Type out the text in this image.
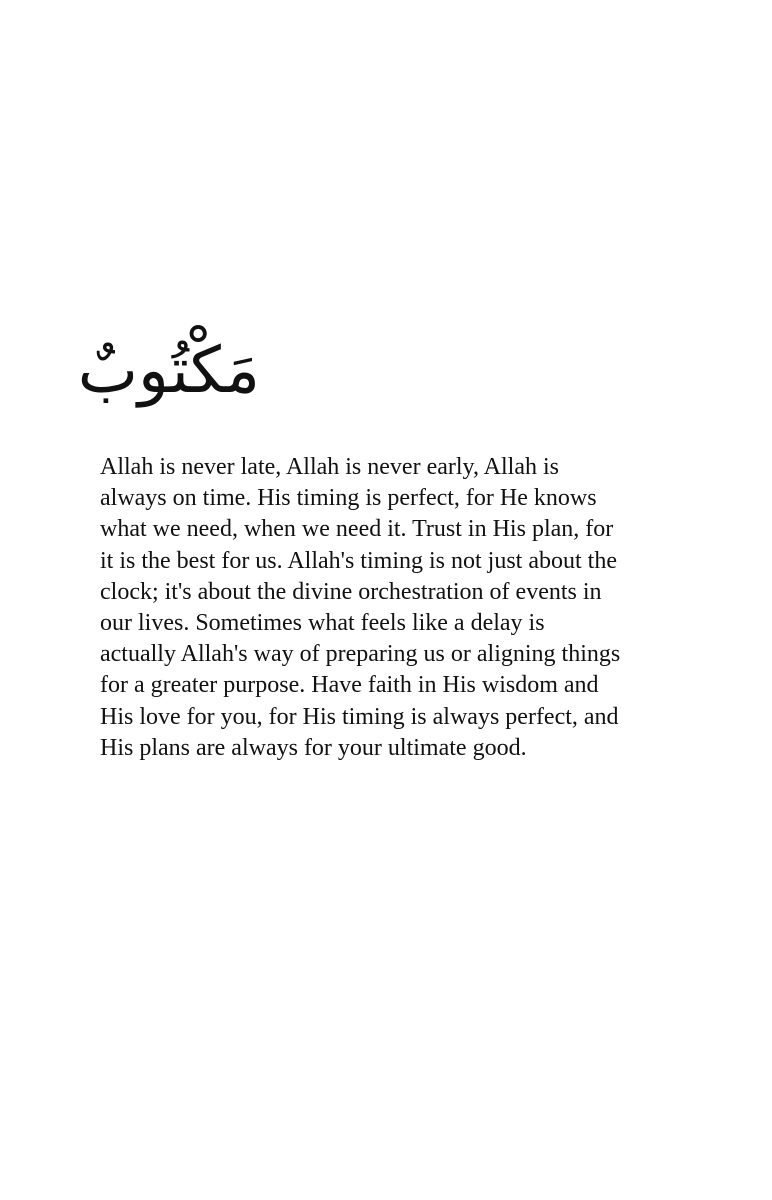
مَكْتُوبٌ
Allah is never late, Allah is never early, Allah is
always on time. His timing is perfect, for He knows
what we need, when we need it. Trust in His plan, for
it is the best for us. Allah's timing is not just about the
clock; it's about the divine orchestration of events in
our lives. Sometimes what feels like a delay is
actually Allah's way of preparing us or aligning things
for a greater purpose. Have faith in His wisdom and
His love for you, for His timing is always perfect, and
His plans are always for your ultimate good.
